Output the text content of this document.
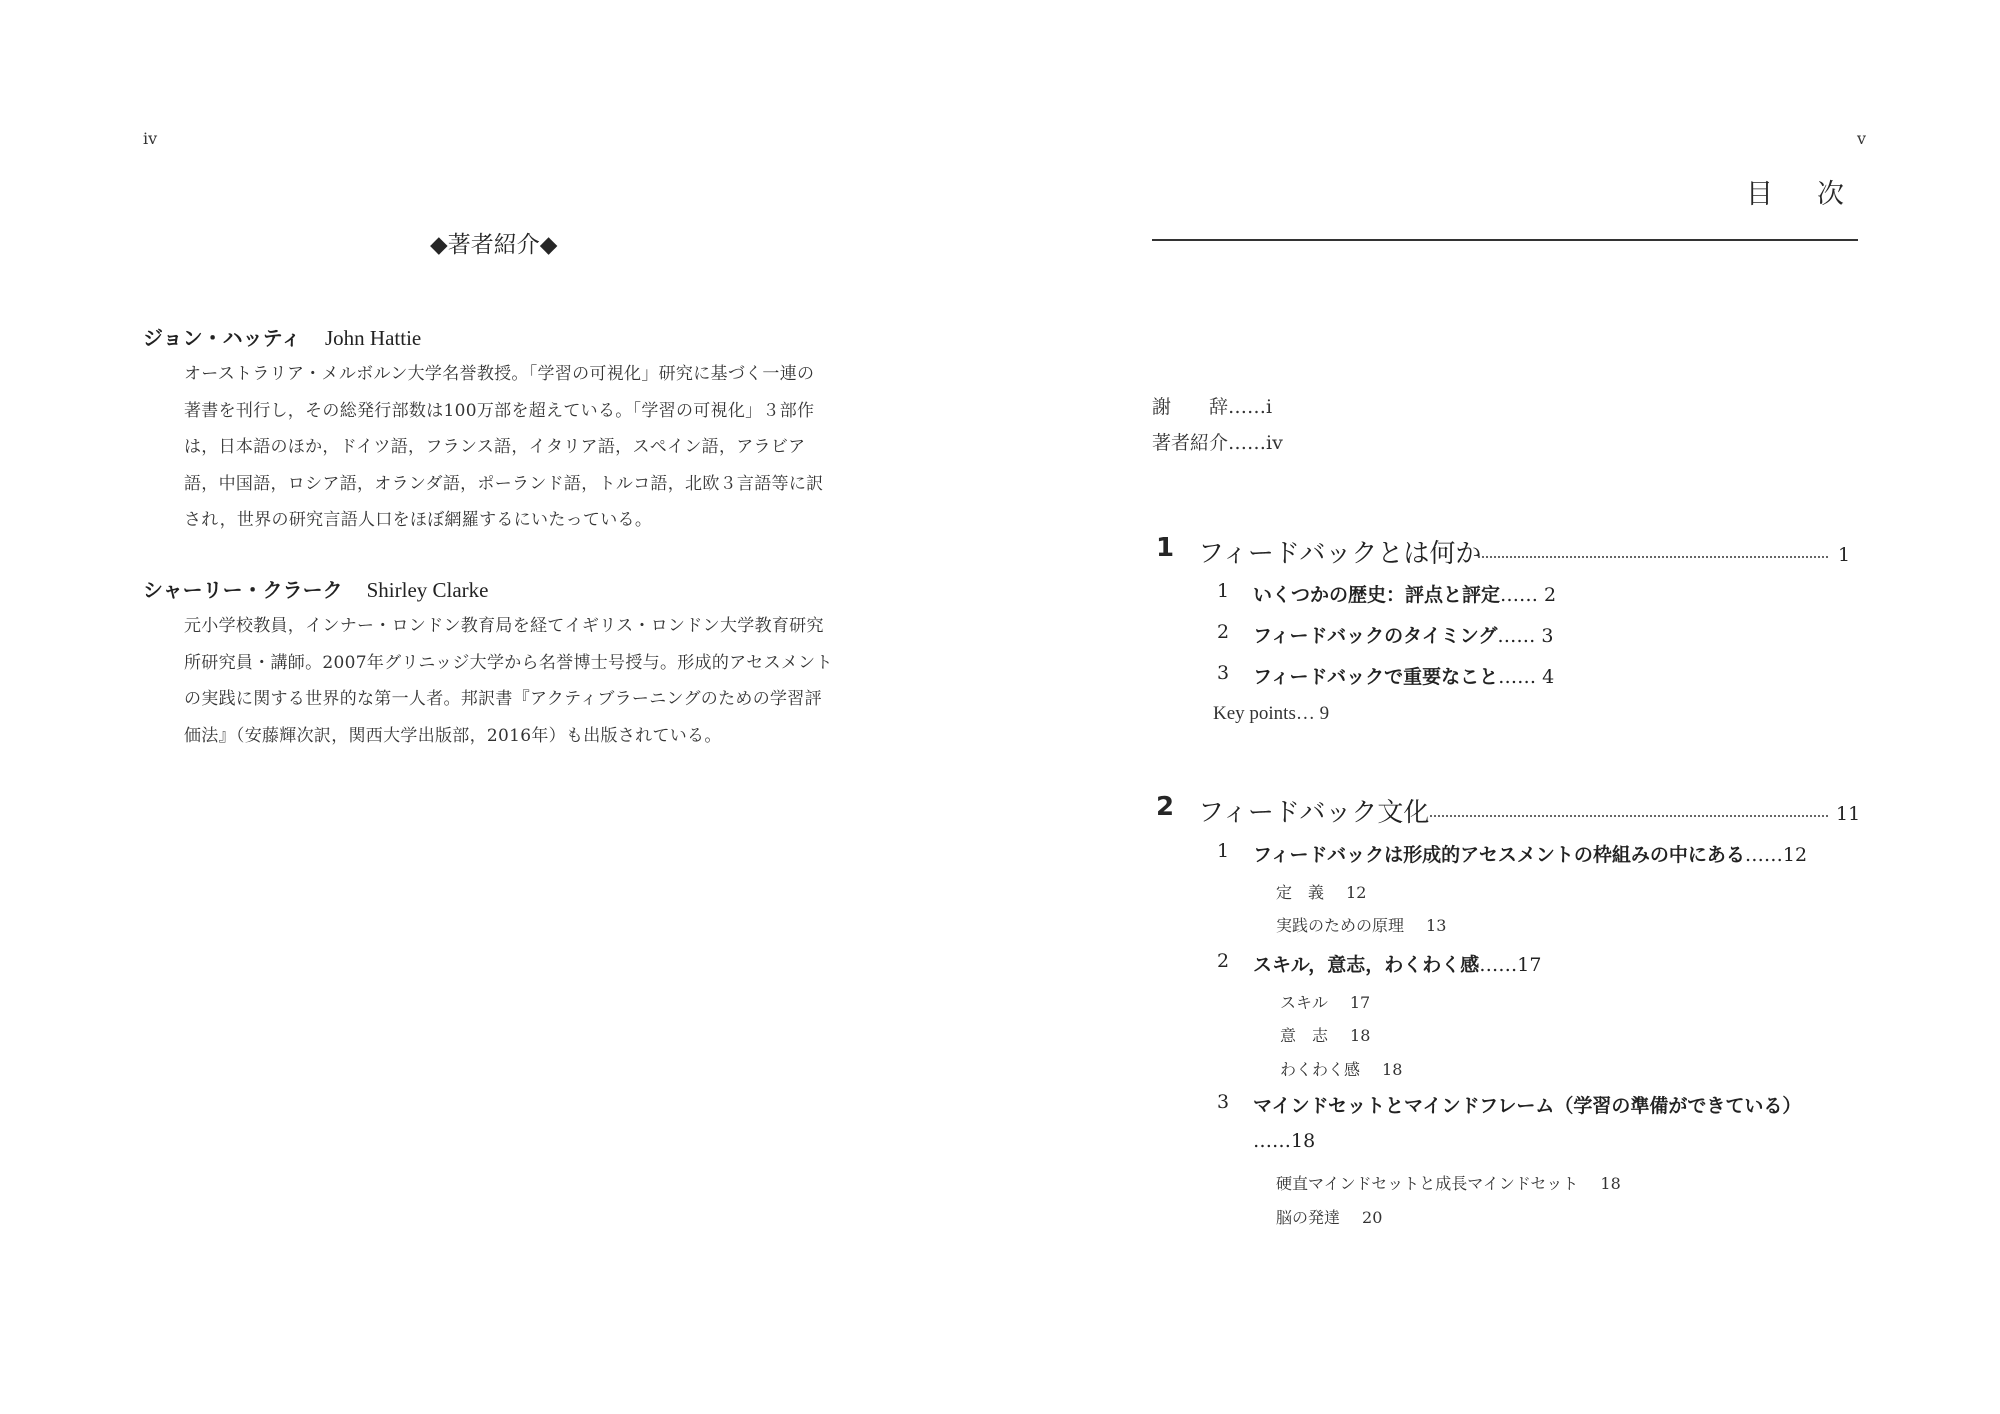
iv
◆著者紹介◆
ジョン・ハッティ John Hattie
オーストラリア・メルボルン大学名誉教授。「学習の可視化」研究に基づく一連の
著書を刊行し，その総発行部数は100万部を超えている。「学習の可視化」３部作
は，日本語のほか，ドイツ語，フランス語，イタリア語，スペイン語，アラビア
語，中国語，ロシア語，オランダ語，ポーランド語，トルコ語，北欧３言語等に訳
され，世界の研究言語人口をほぼ網羅するにいたっている。
シャーリー・クラーク Shirley Clarke
元小学校教員，インナー・ロンドン教育局を経てイギリス・ロンドン大学教育研究
所研究員・講師。2007年グリニッジ大学から名誉博士号授与。形成的アセスメント
の実践に関する世界的な第一人者。邦訳書『アクティブラーニングのための学習評
価法』（安藤輝次訳，関西大学出版部，2016年）も出版されている。
v
目次
謝　　辞……i
著者紹介……iv
1 フィードバックとは何か	1
1 いくつかの歴史：評点と評定…… 2
2 フィードバックのタイミング…… 3
3 フィードバックで重要なこと…… 4
Key points… 9
2 フィードバック文化	11
1 フィードバックは形成的アセスメントの枠組みの中にある……12
定　義 12
実践のための原理 13
2 スキル，意志，わくわく感……17
スキル 17
意　志 18
わくわく感 18
3 マインドセットとマインドフレーム（学習の準備ができている）
……18
硬直マインドセットと成長マインドセット 18
脳の発達 20
